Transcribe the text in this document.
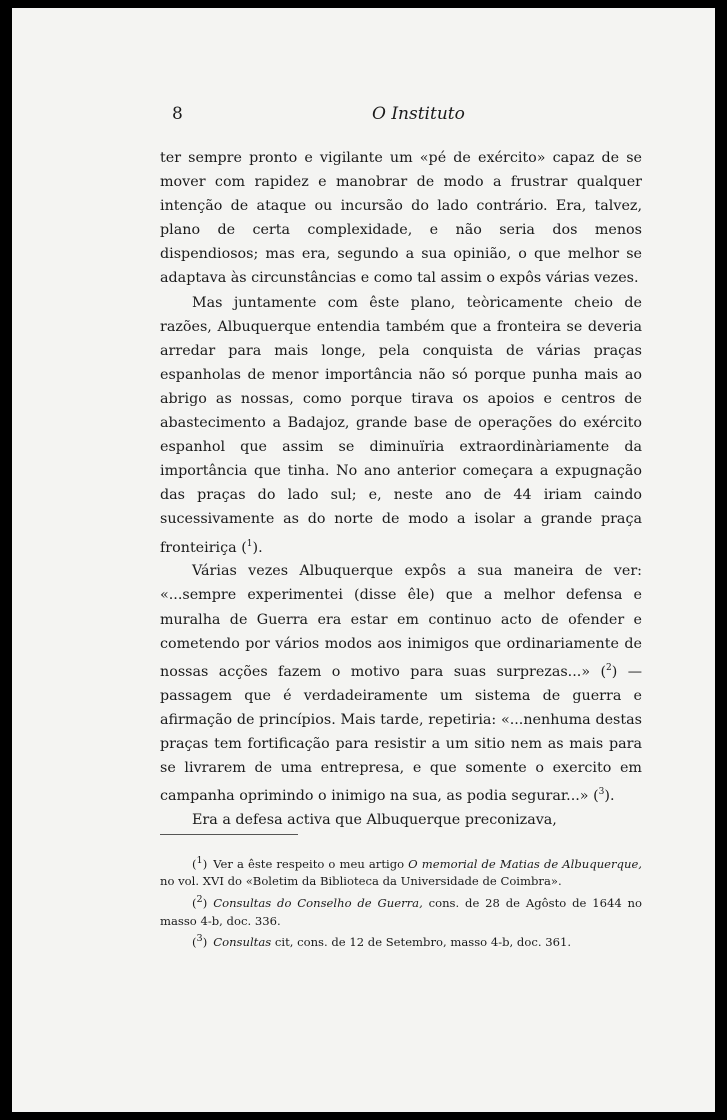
8	O Instituto

ter sempre pronto e vigilante um «pé de exército» capaz de se mover com rapidez e manobrar de modo a frustrar qualquer intenção de ataque ou incursão do lado contrário. Era, talvez, plano de certa complexidade, e não seria dos menos dispendiosos; mas era, segundo a sua opinião, o que melhor se adaptava às circunstâncias e como tal assim o expôs várias vezes.

Mas juntamente com êste plano, teòricamente cheio de razões, Albuquerque entendia também que a fronteira se deveria arredar para mais longe, pela conquista de várias praças espanholas de menor importância não só porque punha mais ao abrigo as nossas, como porque tirava os apoios e centros de abastecimento a Badajoz, grande base de operações do exército espanhol que assim se diminuïria extraordinàriamente da importância que tinha. No ano anterior começara a expugnação das praças do lado sul; e, neste ano de 44 iriam caindo sucessivamente as do norte de modo a isolar a grande praça fronteiriça ($^1$).

Várias vezes Albuquerque expôs a sua maneira de ver: «...sempre experimentei (disse êle) que a melhor defensa e muralha de Guerra era estar em continuo acto de ofender e cometendo por vários modos aos inimigos que ordinariamente de nossas acções fazem o motivo para suas surprezas...» ($^2$) — passagem que é verdadeiramente um sistema de guerra e afirmação de princípios. Mais tarde, repetiria: «...nenhuma destas praças tem fortificação para resistir a um sitio nem as mais para se livrarem de uma entrepresa, e que somente o exercito em campanha oprimindo o inimigo na sua, as podia segurar...» ($^3$).

Era a defesa activa que Albuquerque preconizava,

($^1$) Ver a êste respeito o meu artigo O memorial de Matias de Albuquerque, no vol. XVI do «Boletim da Biblioteca da Universidade de Coimbra».

($^2$) Consultas do Conselho de Guerra, cons. de 28 de Agôsto de 1644 no masso 4-b, doc. 336.

($^3$) Consultas cit, cons. de 12 de Setembro, masso 4-b, doc. 361.
